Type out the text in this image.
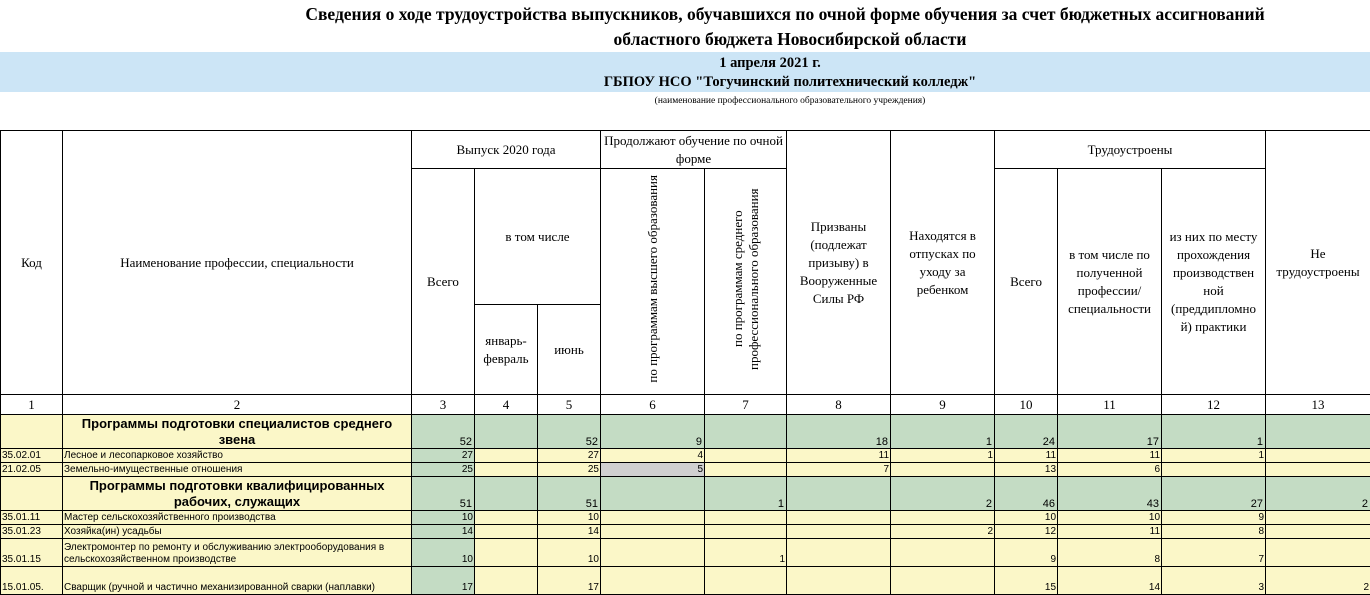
Сведения о ходе трудоустройства выпускников, обучавшихся по очной форме обучения за счет бюджетных ассигнований
областного бюджета Новосибирской области
1 апреля 2021 г.
ГБПОУ НСО "Тогучинский политехнический колледж"
(наименование профессионального образовательного учреждения)
Код	Наименование профессии, специальности	Выпуск 2020 года			Продолжают обучение по очной форме		Призваны (подлежат призыву) в Вооруженные Силы РФ	Находятся в отпусках по уходу за ребенком	Трудоустроены			Не трудоустроены
		Всего	в том числе		по программам высшего образования	по программам среднего профессионального образования			Всего	в том числе по полученной профессии/ специальности	из них по месту прохождения производствен ной (преддипломно й) практики	
			январь-февраль	июнь								
1	2	3	4	5	6	7	8	9	10	11	12	13
	Программы подготовки специалистов среднего звена	52		52	9		18	1	24	17	1	
35.02.01	Лесное и лесопарковое хозяйство	27		27	4		11	1	11	11	1	
21.02.05	Земельно-имущественные отношения	25		25	5		7		13	6		
	Программы подготовки квалифицированных рабочих, служащих	51		51		1		2	46	43	27	2
35.01.11	Мастер сельскохозяйственного производства	10		10					10	10	9	
35.01.23	Хозяйка(ин) усадьбы	14		14				2	12	11	8	
35.01.15	Электромонтер по ремонту и обслуживанию электрооборудования в сельскохозяйственном производстве	10		10		1			9	8	7	
15.01.05.	Сварщик (ручной и частично механизированной сварки (наплавки)	17		17					15	14	3	2
